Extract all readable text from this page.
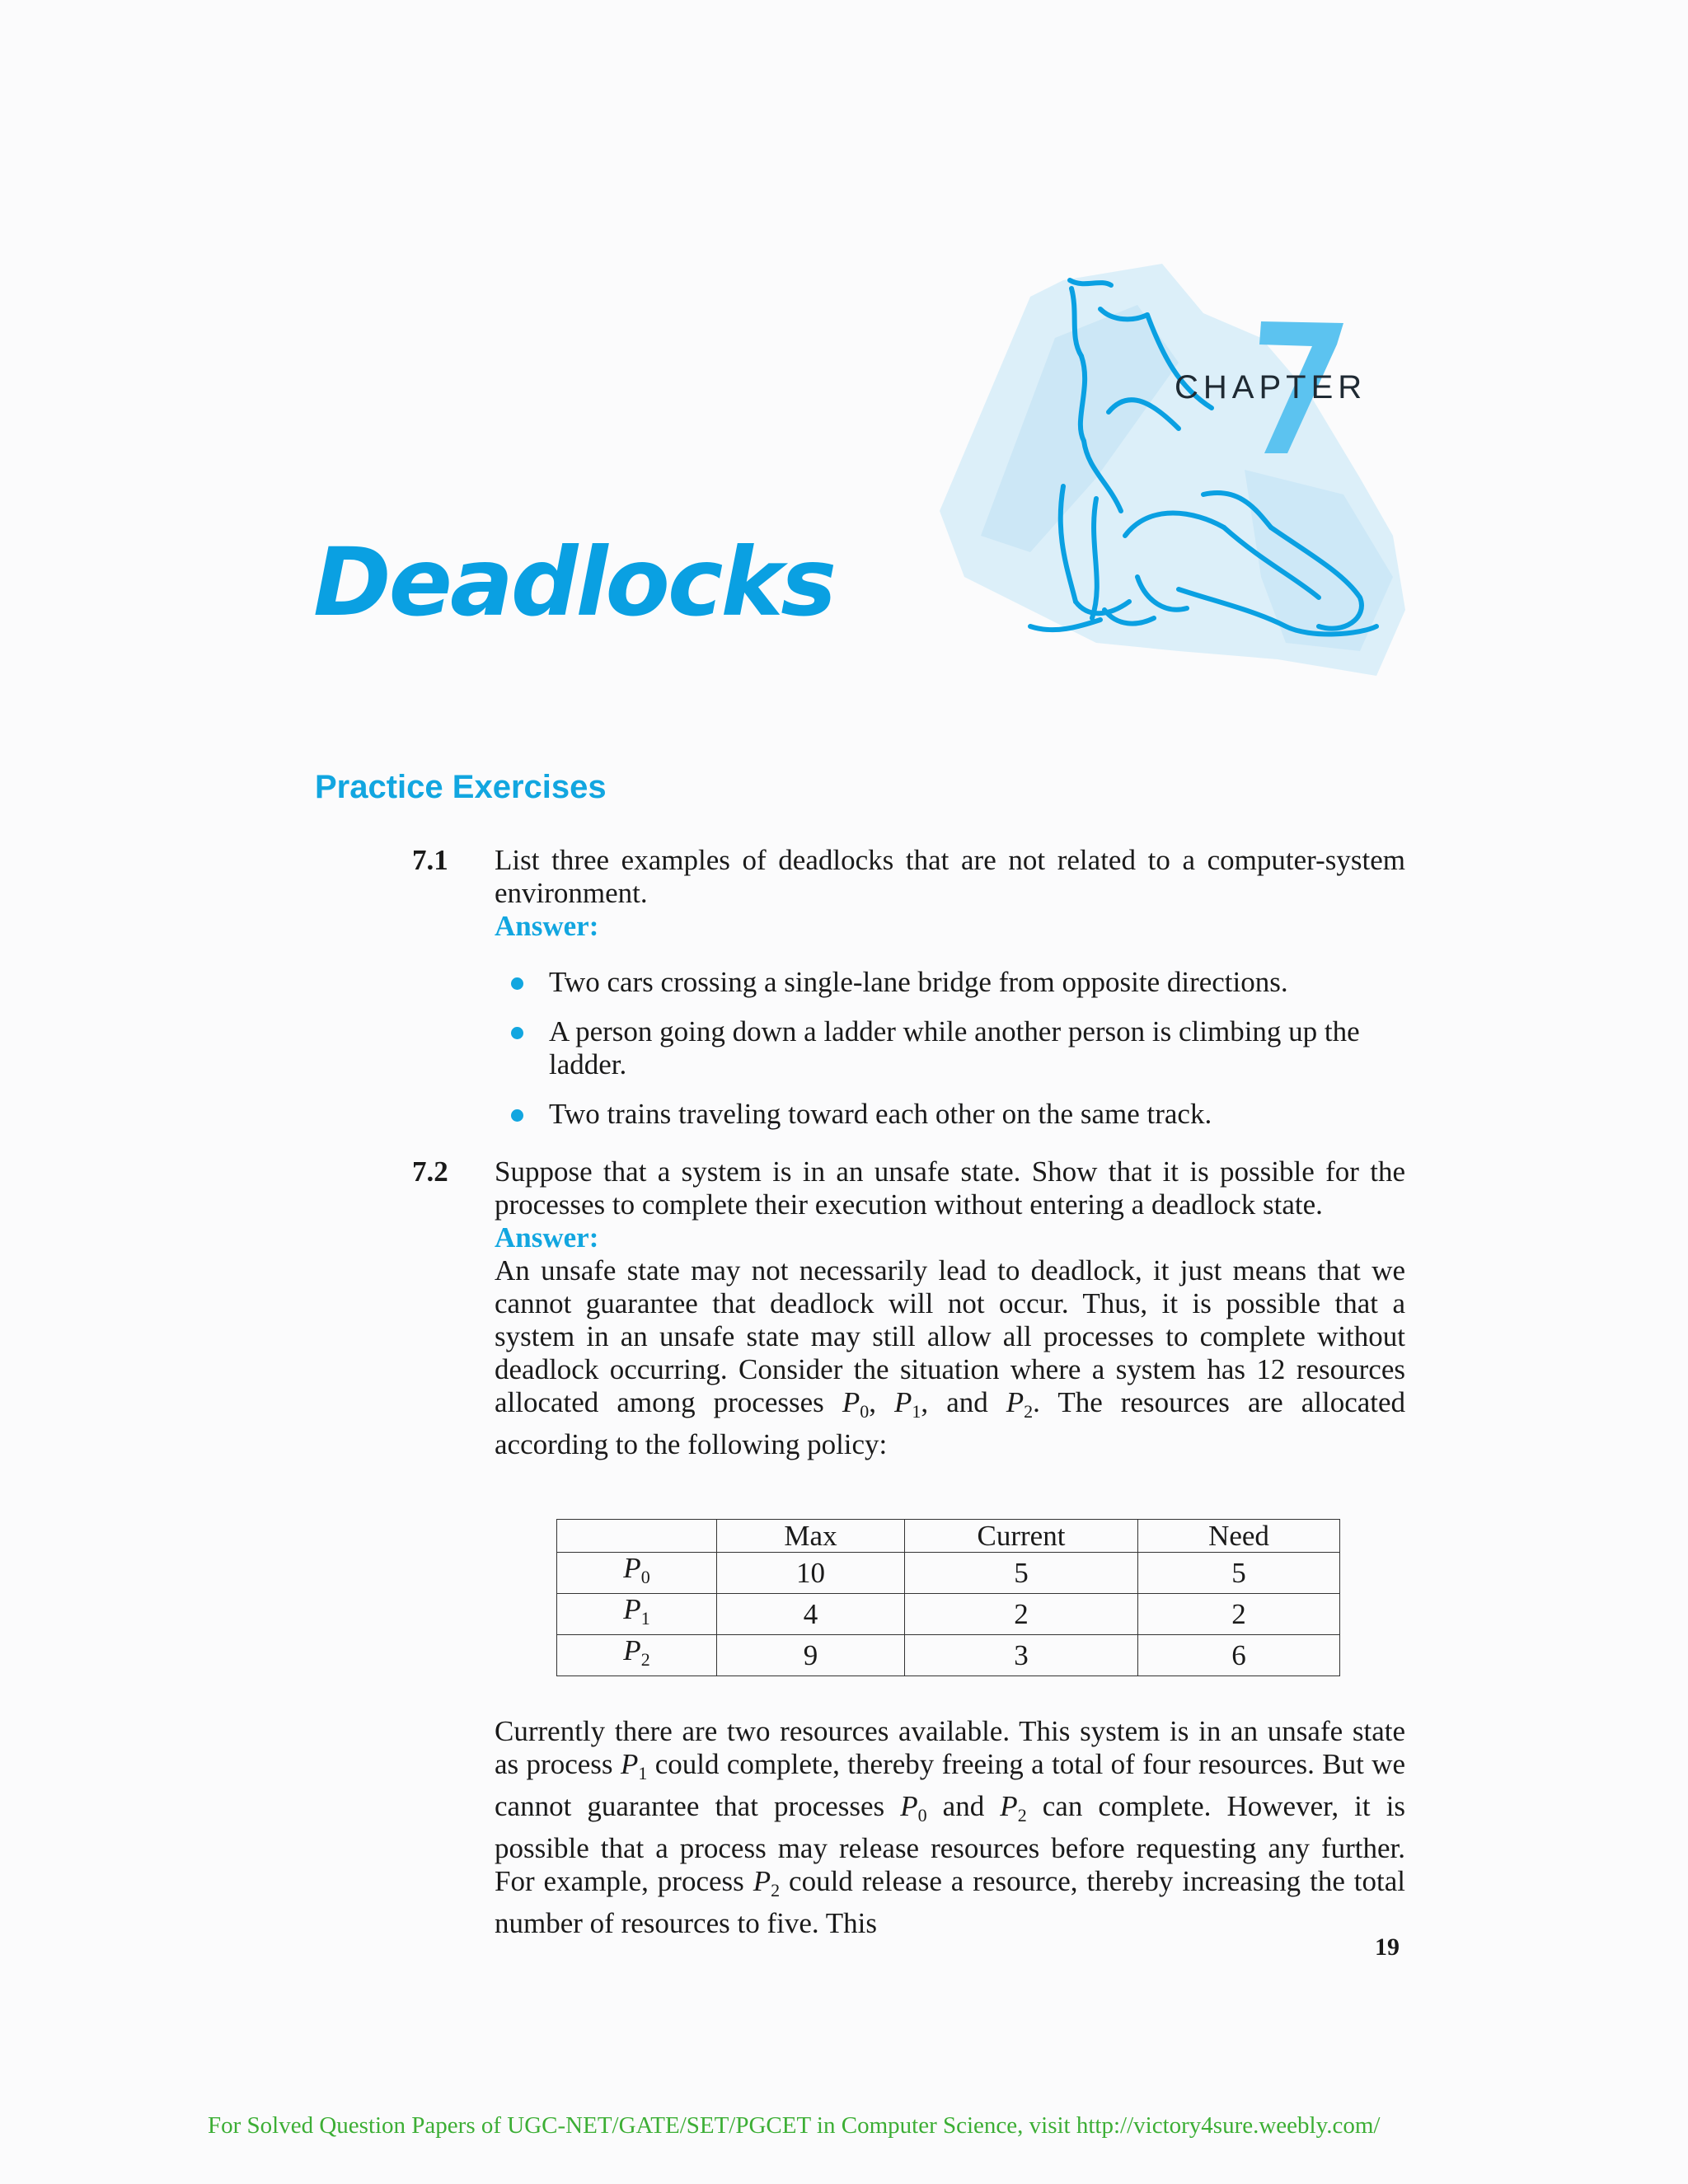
CHAPTER
Deadlocks
Practice Exercises
7.1 List three examples of deadlocks that are not related to a computer-system environment.

Answer:

Two cars crossing a single-lane bridge from opposite directions.
A person going down a ladder while another person is climbing up the ladder.
Two trains traveling toward each other on the same track.
7.2 Suppose that a system is in an unsafe state. Show that it is possible for the processes to complete their execution without entering a deadlock state.

Answer:

An unsafe state may not necessarily lead to deadlock, it just means that we cannot guarantee that deadlock will not occur. Thus, it is possible that a system in an unsafe state may still allow all processes to complete without deadlock occurring. Consider the situation where a system has 12 resources allocated among processes $P_0$, $P_1$, and $P_2$. The resources are allocated according to the following policy:

	Max	Current	Need
$P_0$	10	5	5
$P_1$	4	2	2
$P_2$	9	3	6

Currently there are two resources available. This system is in an unsafe state as process $P_1$ could complete, thereby freeing a total of four resources. But we cannot guarantee that processes $P_0$ and $P_2$ can complete. However, it is possible that a process may release resources before requesting any further. For example, process $P_2$ could release a resource, thereby increasing the total number of resources to five. This

19
For Solved Question Papers of UGC-NET/GATE/SET/PGCET in Computer Science, visit http://victory4sure.weebly.com/
